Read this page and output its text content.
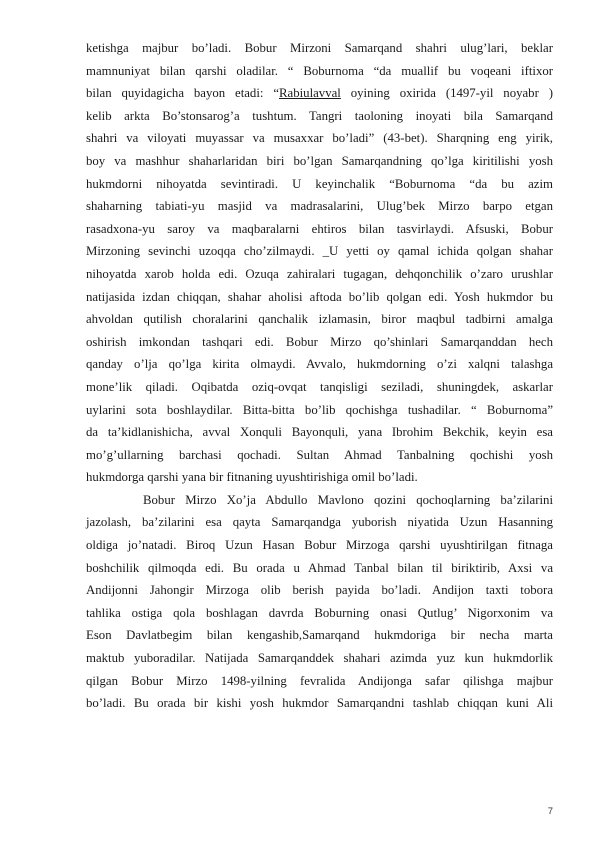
ketishga majbur bo’ladi. Bobur Mirzoni Samarqand shahri ulug’lari, beklar
mamnuniyat bilan qarshi oladilar. “ Boburnoma “da muallif bu voqeani iftixor
bilan quyidagicha bayon etadi: “Rabiulavval oyining oxirida (1497-yil noyabr )
kelib arkta Bo’stonsarog’a tushtum. Tangri taoloning inoyati bila Samarqand
shahri va viloyati muyassar va musaxxar bo’ladi” (43-bet). Sharqning eng yirik,
boy va mashhur shaharlaridan biri bo’lgan Samarqandning qo’lga kiritilishi yosh
hukmdorni nihoyatda sevintiradi. U keyinchalik “Boburnoma “da bu azim
shaharning tabiati-yu masjid va madrasalarini, Ulug’bek Mirzo barpo etgan
rasadxona-yu saroy va maqbaralarni ehtiros bilan tasvirlaydi. Afsuski, Bobur
Mirzoning sevinchi uzoqqa cho’zilmaydi. _U yetti oy qamal ichida qolgan shahar
nihoyatda xarob holda edi. Ozuqa zahiralari tugagan, dehqonchilik o’zaro urushlar
natijasida izdan chiqqan, shahar aholisi aftoda bo’lib qolgan edi. Yosh hukmdor bu
ahvoldan qutilish choralarini qanchalik izlamasin, biror maqbul tadbirni amalga
oshirish imkondan tashqari edi. Bobur Mirzo qo’shinlari Samarqanddan hech
qanday o’lja qo’lga kirita olmaydi. Avvalo, hukmdorning o’zi xalqni talashga
mone’lik qiladi. Oqibatda oziq-ovqat tanqisligi seziladi, shuningdek, askarlar
uylarini sota boshlaydilar. Bitta-bitta bo’lib qochishga tushadilar. “ Boburnoma”
da ta’kidlanishicha, avval Xonquli Bayonquli, yana Ibrohim Bekchik, keyin esa
mo’g’ullarning barchasi qochadi. Sultan Ahmad Tanbalning qochishi yosh
hukmdorga qarshi yana bir fitnaning uyushtirishiga omil bo’ladi.
Bobur Mirzo Xo’ja Abdullo Mavlono qozini qochoqlarning ba’zilarini
jazolash, ba’zilarini esa qayta Samarqandga yuborish niyatida Uzun Hasanning
oldiga jo’natadi. Biroq Uzun Hasan Bobur Mirzoga qarshi uyushtirilgan fitnaga
boshchilik qilmoqda edi. Bu orada u Ahmad Tanbal bilan til biriktirib, Axsi va
Andijonni Jahongir Mirzoga olib berish payida bo’ladi. Andijon taxti tobora
tahlika ostiga qola boshlagan davrda Boburning onasi Qutlug’ Nigorxonim va
Eson Davlatbegim bilan kengashib,Samarqand hukmdoriga bir necha marta
maktub yuboradilar. Natijada Samarqanddek shahari azimda yuz kun hukmdorlik
qilgan Bobur Mirzo 1498-yilning fevralida Andijonga safar qilishga majbur
bo’ladi. Bu orada bir kishi yosh hukmdor Samarqandni tashlab chiqqan kuni Ali
7
